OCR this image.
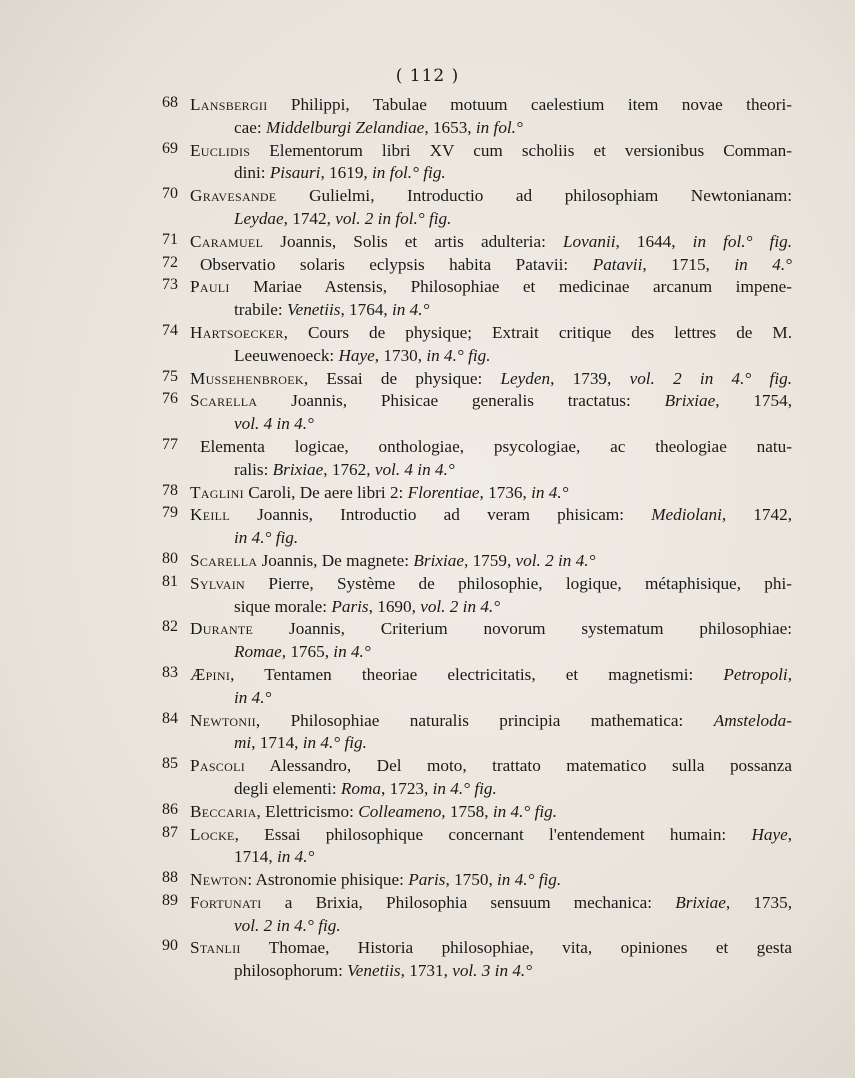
( 112 )
68 Lansbergii Philippi, Tabulae motuum caelestium item novae theori-
cae: Middelburgi Zelandiae, 1653, in fol.°
69 Euclidis Elementorum libri XV cum scholiis et versionibus Comman-
dini: Pisauri, 1619, in fol.° fig.
70 Gravesande Gulielmi, Introductio ad philosophiam Newtonianam:
Leydae, 1742, vol. 2 in fol.° fig.
71 Caramuel Joannis, Solis et artis adulteria: Lovanii, 1644, in fol.° fig.
72	Observatio solaris eclypsis habita Patavii: Patavii, 1715, in 4.°
73 Pauli Mariae Astensis, Philosophiae et medicinae arcanum impene-
trabile: Venetiis, 1764, in 4.°
74 Hartsoecker, Cours de physique; Extrait critique des lettres de M.
Leeuwenoeck: Haye, 1730, in 4.° fig.
75 Mussehenbroek, Essai de physique: Leyden, 1739, vol. 2 in 4.° fig.
76 Scarella Joannis, Phisicae generalis tractatus: Brixiae, 1754,
vol. 4 in 4.°
77	Elementa logicae, onthologiae, psycologiae, ac theologiae natu-
ralis: Brixiae, 1762, vol. 4 in 4.°
78 Taglini Caroli, De aere libri 2: Florentiae, 1736, in 4.°
79 Keill Joannis, Introductio ad veram phisicam: Mediolani, 1742,
in 4.° fig.
80 Scarella Joannis, De magnete: Brixiae, 1759, vol. 2 in 4.°
81 Sylvain Pierre, Système de philosophie, logique, métaphisique, phi-
sique morale: Paris, 1690, vol. 2 in 4.°
82 Durante Joannis, Criterium novorum systematum philosophiae:
Romae, 1765, in 4.°
83 Æpini, Tentamen theoriae electricitatis, et magnetismi: Petropoli,
in 4.°
84 Newtonii, Philosophiae naturalis principia mathematica: Amsteloda-
mi, 1714, in 4.° fig.
85 Pascoli Alessandro, Del moto, trattato matematico sulla possanza
degli elementi: Roma, 1723, in 4.° fig.
86 Beccaria, Elettricismo: Colleameno, 1758, in 4.° fig.
87 Locke, Essai philosophique concernant l'entendement humain: Haye,
1714, in 4.°
88 Newton: Astronomie phisique: Paris, 1750, in 4.° fig.
89 Fortunati a Brixia, Philosophia sensuum mechanica: Brixiae, 1735,
vol. 2 in 4.° fig.
90 Stanlii Thomae, Historia philosophiae, vita, opiniones et gesta
philosophorum: Venetiis, 1731, vol. 3 in 4.°
